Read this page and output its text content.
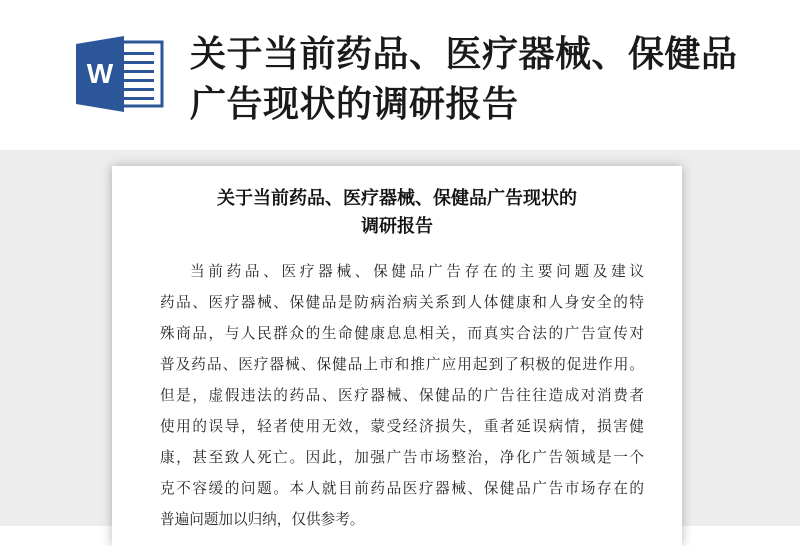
W 关于当前药品、医疗器械、保健品广告现状的调研报告
关于当前药品、医疗器械、保健品广告现状的
调研报告
当前药品、医疗器械、保健品广告存在的主要问题及建议
药品、医疗器械、保健品是防病治病关系到人体健康和人身安全的特
殊商品，与人民群众的生命健康息息相关，而真实合法的广告宣传对
普及药品、医疗器械、保健品上市和推广应用起到了积极的促进作用。
但是，虚假违法的药品、医疗器械、保健品的广告往往造成对消费者
使用的误导，轻者使用无效，蒙受经济损失，重者延误病情，损害健
康，甚至致人死亡。因此，加强广告市场整治，净化广告领域是一个
克不容缓的问题。本人就目前药品医疗器械、保健品广告市场存在的
普遍问题加以归纳，仅供参考。
